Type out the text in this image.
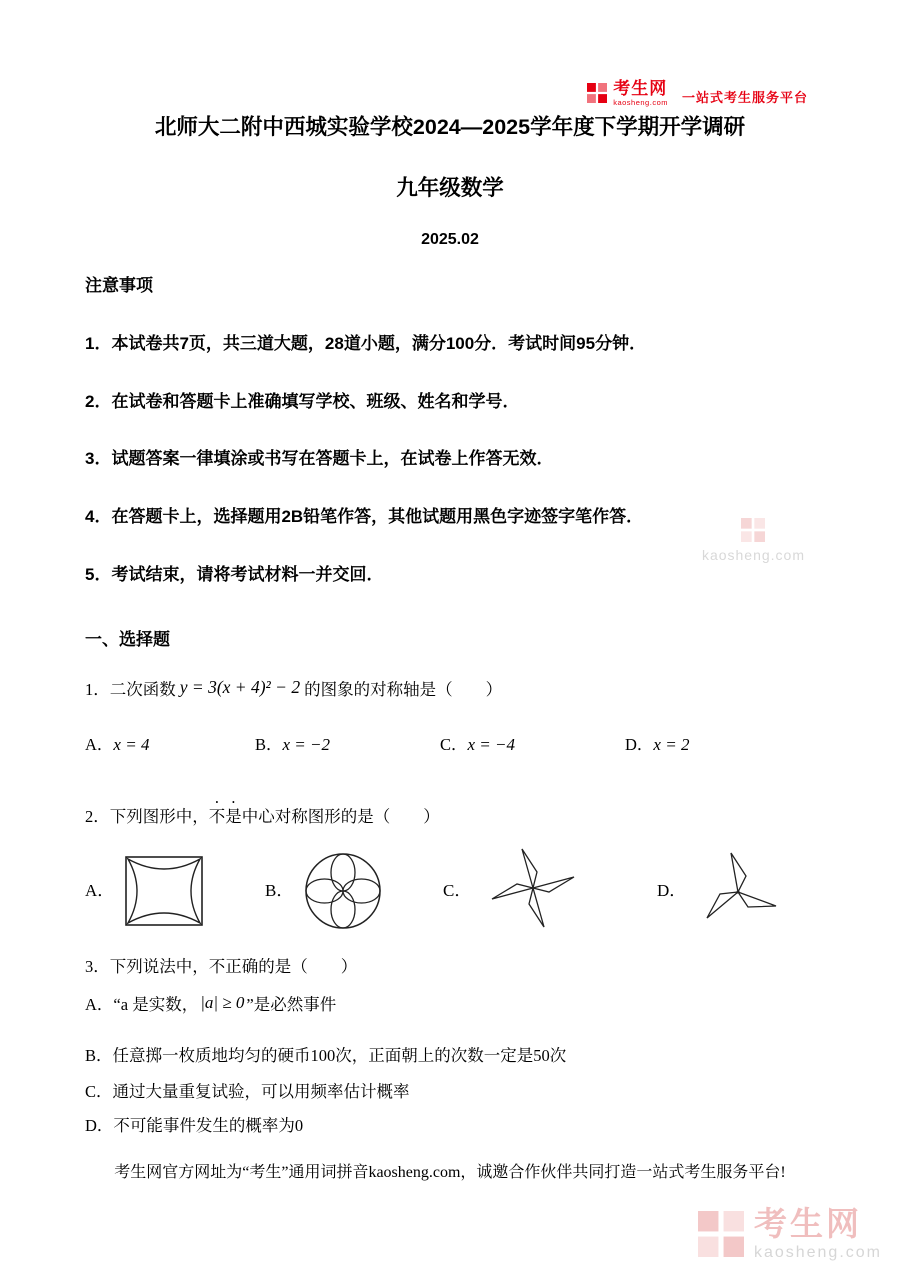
考生网
kaosheng.com 一站式考生服务平台
kaosheng.com
北师大二附中西城实验学校2024—2025学年度下学期开学调研
九年级数学
2025.02
注意事项

1．本试卷共7页，共三道大题，28道小题，满分100分．考试时间95分钟．

2．在试卷和答题卡上准确填写学校、班级、姓名和学号．

3．试题答案一律填涂或书写在答题卡上，在试卷上作答无效．

4．在答题卡上，选择题用2B铅笔作答，其他试题用黑色字迹签字笔作答．

5．考试结束，请将考试材料一并交回．

一、选择题

1．二次函数 y = 3(x + 4)² − 2 的图象的对称轴是（　　）

A．x = 4	B．x = −2	C．x = −4	D．x = 2

2．下列图形中，不是中心对称图形的是（　　）

A．	B．	C．	D．

3．下列说法中，不正确的是（　　）

A．“a 是实数， |a| ≥ 0 ”是必然事件

B．任意掷一枚质地均匀的硬币100次，正面朝上的次数一定是50次

C．通过大量重复试验，可以用频率估计概率

D．不可能事件发生的概率为0

考生网官方网址为“考生”通用词拼音kaosheng.com，诚邀合作伙伴共同打造一站式考生服务平台!
考生网
kaosheng.com
